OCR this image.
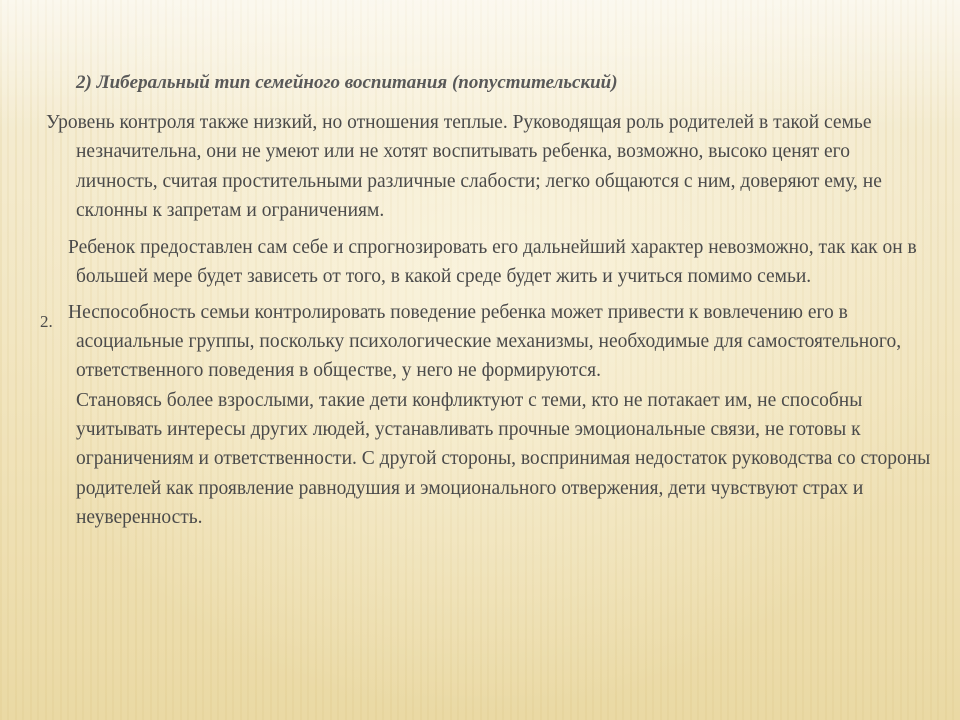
2) Либеральный тип семейного воспитания (попустительский)
2.

Уровень контроля также низкий, но отношения теплые. Руководящая роль родителей в такой семье незначительна, они не умеют или не хотят воспитывать ребенка, возможно, высоко ценят его личность, считая простительными различные слабости; легко общаются с ним, доверяют ему, не склонны к запретам и ограничениям.

Ребенок предоставлен сам себе и спрогнозировать его дальнейший характер невозможно, так как он в большей мере будет зависеть от того, в какой среде будет жить и учиться помимо семьи.

Неспособность семьи контролировать поведение ребенка может привести к вовлечению его в асоциальные группы, поскольку психологические механизмы, необходимые для самостоятельного, ответственного поведения в обществе, у него не формируются.

Становясь более взрослыми, такие дети конфликтуют с теми, кто не потакает им, не способны учитывать интересы других людей, устанавливать прочные эмоциональные связи, не готовы к ограничениям и ответственности. С другой стороны, воспринимая недостаток руководства со стороны родителей как проявление равнодушия и эмоционального отвержения, дети чувствуют страх и неуверенность.
